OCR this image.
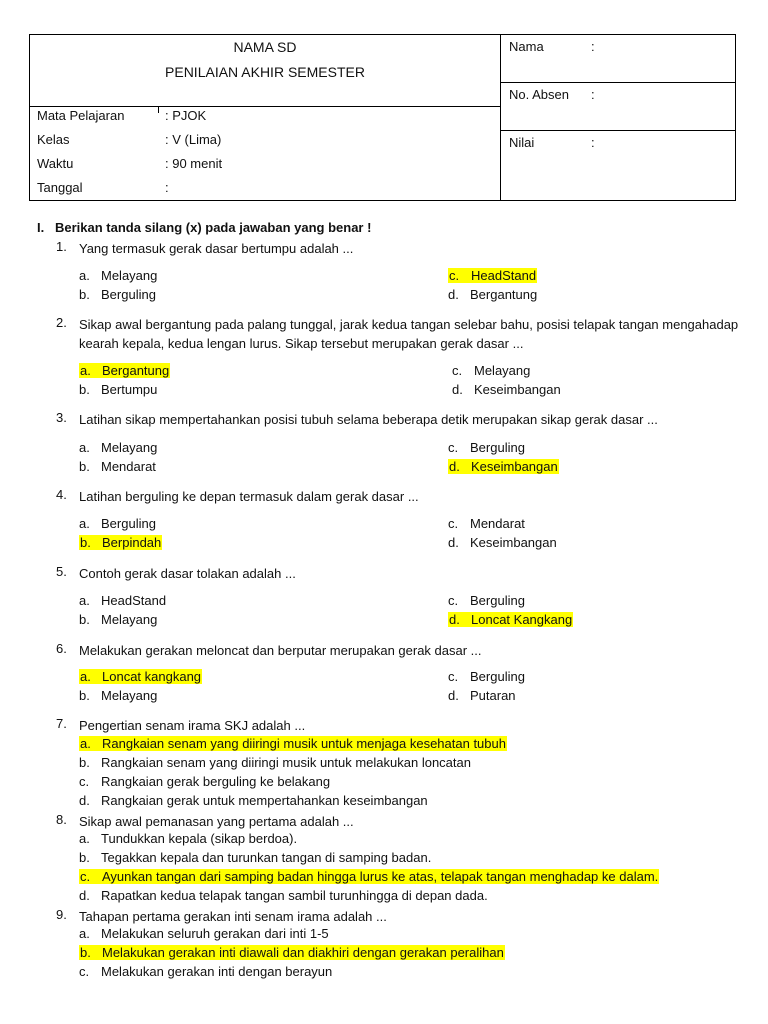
NAMA SD
PENILAIAN AKHIR SEMESTER
Mata Pelajaran	: PJOK
Kelas	: V (Lima)
Waktu	: 90 menit
Tanggal	:
Nama	:
No. Absen :
Nilai	:
I. Berikan tanda silang (x) pada jawaban yang benar !
1. Yang termasuk gerak dasar bertumpu adalah ...
a. Melayang
b. Berguling
c. HeadStand
d. Bergantung
2. Sikap awal bergantung pada palang tunggal, jarak kedua tangan selebar bahu, posisi telapak tangan mengahadap kearah kepala, kedua lengan lurus. Sikap tersebut merupakan gerak dasar ...
a. Bergantung
b. Bertumpu
c. Melayang
d. Keseimbangan
3. Latihan sikap mempertahankan posisi tubuh selama beberapa detik merupakan sikap gerak dasar ...
a. Melayang
b. Mendarat
c. Berguling
d. Keseimbangan
4. Latihan berguling ke depan termasuk dalam gerak dasar ...
a. Berguling
b. Berpindah
c. Mendarat
d. Keseimbangan
5. Contoh gerak dasar tolakan adalah ...
a. HeadStand
b. Melayang
c. Berguling
d. Loncat Kangkang
6. Melakukan gerakan meloncat dan berputar merupakan gerak dasar ...
a. Loncat kangkang
b. Melayang
c. Berguling
d. Putaran
7. Pengertian senam irama SKJ adalah ...
a. Rangkaian senam yang diiringi musik untuk menjaga kesehatan tubuh
b. Rangkaian senam yang diiringi musik untuk melakukan loncatan
c. Rangkaian gerak berguling ke belakang
d. Rangkaian gerak untuk mempertahankan keseimbangan
8. Sikap awal pemanasan yang pertama adalah ...
a. Tundukkan kepala (sikap berdoa).
b. Tegakkan kepala dan turunkan tangan di samping badan.
c. Ayunkan tangan dari samping badan hingga lurus ke atas, telapak tangan menghadap ke dalam.
d. Rapatkan kedua telapak tangan sambil turunhingga di depan dada.
9. Tahapan pertama gerakan inti senam irama adalah ...
a. Melakukan seluruh gerakan dari inti 1-5
b. Melakukan gerakan inti diawali dan diakhiri dengan gerakan peralihan
c. Melakukan gerakan inti dengan berayun
